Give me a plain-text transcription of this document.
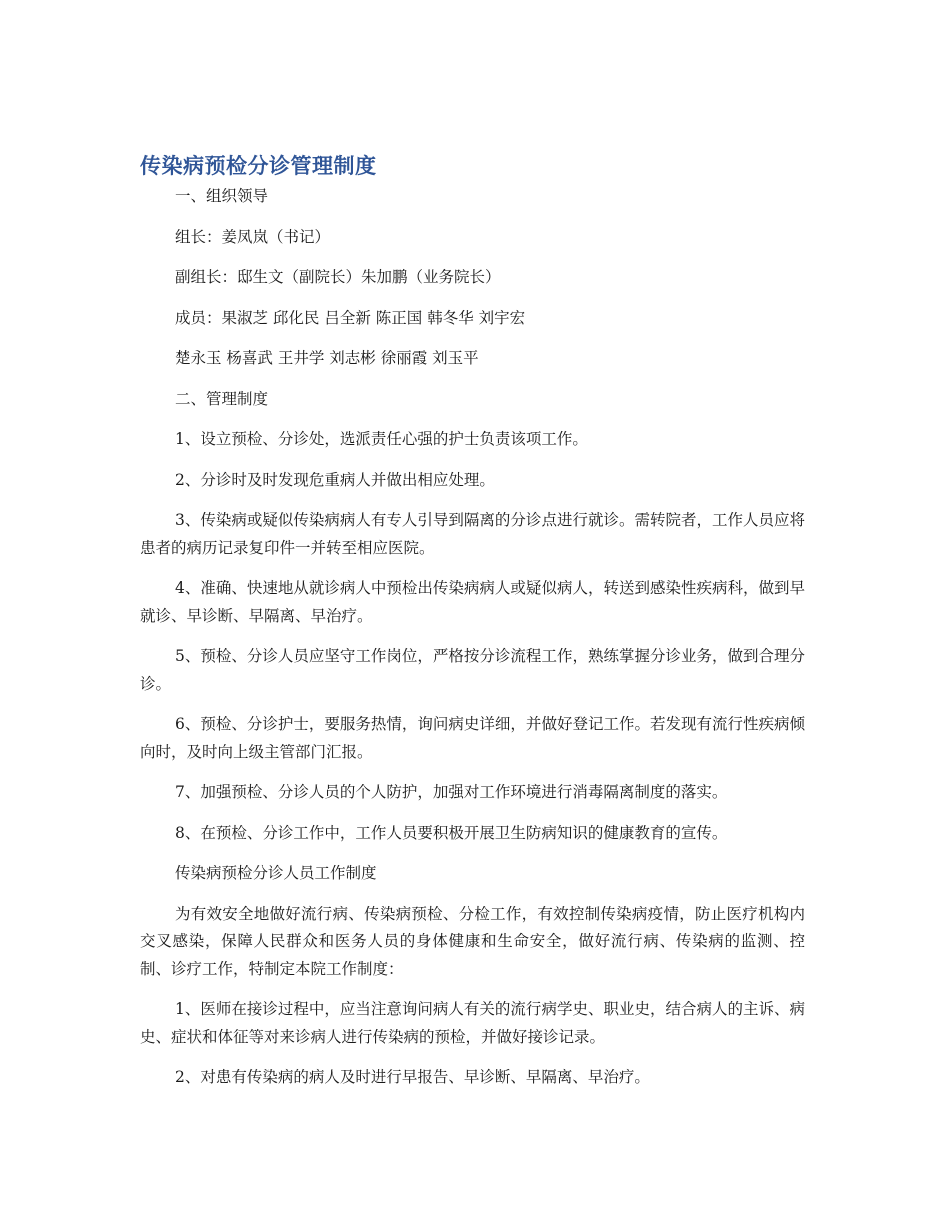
传染病预检分诊管理制度

一、组织领导

组长：姜凤岚（书记）

副组长：邸生文（副院长）朱加鹏（业务院长）

成员：果淑芝 邱化民 吕全新 陈正国 韩冬华 刘宇宏

楚永玉 杨喜武 王井学 刘志彬 徐丽霞 刘玉平

二、管理制度

1、设立预检、分诊处，选派责任心强的护士负责该项工作。

2、分诊时及时发现危重病人并做出相应处理。

3、传染病或疑似传染病病人有专人引导到隔离的分诊点进行就诊。需转院者，工作人员应将患者的病历记录复印件一并转至相应医院。

4、准确、快速地从就诊病人中预检出传染病病人或疑似病人，转送到感染性疾病科，做到早就诊、早诊断、早隔离、早治疗。

5、预检、分诊人员应坚守工作岗位，严格按分诊流程工作，熟练掌握分诊业务，做到合理分诊。

6、预检、分诊护士，要服务热情，询问病史详细，并做好登记工作。若发现有流行性疾病倾向时，及时向上级主管部门汇报。

7、加强预检、分诊人员的个人防护，加强对工作环境进行消毒隔离制度的落实。

8、在预检、分诊工作中，工作人员要积极开展卫生防病知识的健康教育的宣传。

传染病预检分诊人员工作制度

为有效安全地做好流行病、传染病预检、分检工作，有效控制传染病疫情，防止医疗机构内交叉感染，保障人民群众和医务人员的身体健康和生命安全，做好流行病、传染病的监测、控制、诊疗工作，特制定本院工作制度：

1、医师在接诊过程中，应当注意询问病人有关的流行病学史、职业史，结合病人的主诉、病史、症状和体征等对来诊病人进行传染病的预检，并做好接诊记录。

2、对患有传染病的病人及时进行早报告、早诊断、早隔离、早治疗。
